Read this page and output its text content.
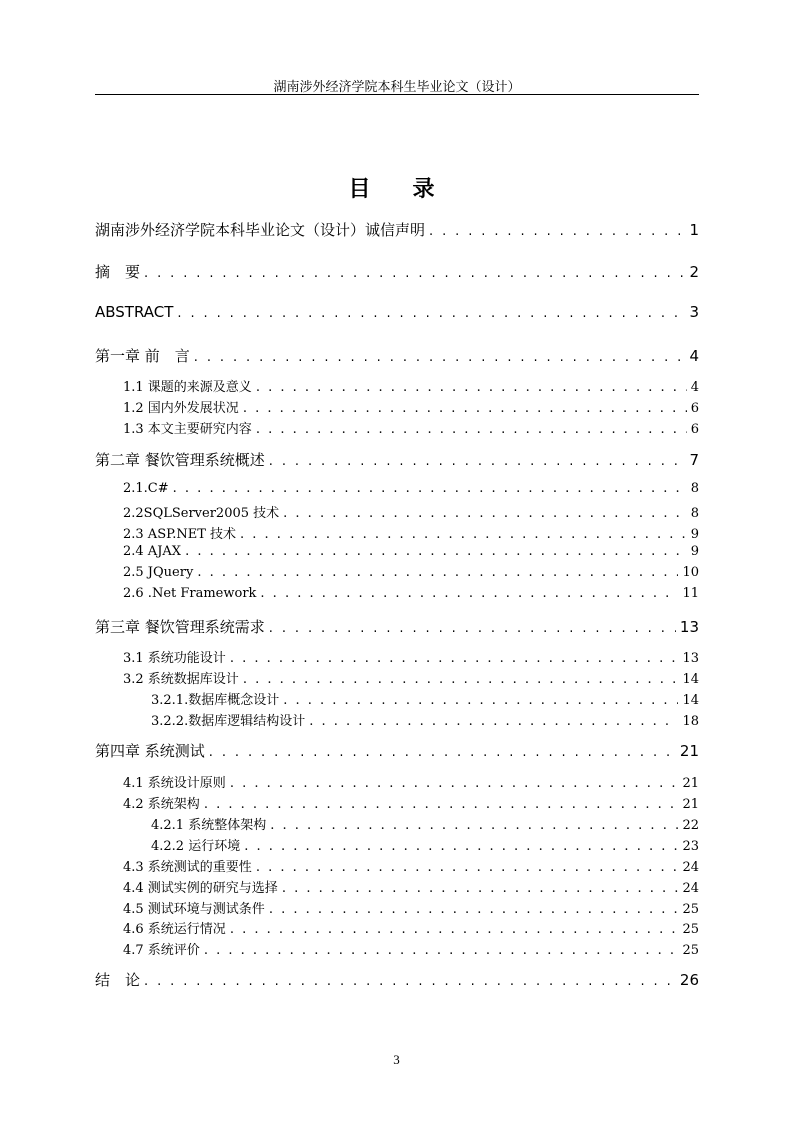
湖南涉外经济学院本科生毕业论文（设计）
目　录
湖南涉外经济学院本科毕业论文（设计）诚信声明 . . .	1
摘　要 . . .	2
ABSTRACT . . .	3
第一章 前　言 . . .	4
1.1 课题的来源及意义 . . .	4
1.2 国内外发展状况 . . .	6
1.3 本文主要研究内容 . . .	6
第二章 餐饮管理系统概述 . . .	7
2.1.C# . . .	8
2.2SQLServer2005 技术 . . .	8
2.3 ASP.NET 技术 . . .	9
2.4 AJAX . . .	9
2.5 JQuery . . .	10
2.6 .Net Framework . . .	11
第三章 餐饮管理系统需求 . . .	13
3.1 系统功能设计 . . .	13
3.2 系统数据库设计 . . .	14
3.2.1.数据库概念设计 . . .	14
3.2.2.数据库逻辑结构设计 . . .	18
第四章 系统测试 . . .	21
4.1 系统设计原则 . . .	21
4.2 系统架构 . . .	21
4.2.1 系统整体架构 . . .	22
4.2.2 运行环境 . . .	23
4.3 系统测试的重要性 . . .	24
4.4 测试实例的研究与选择 . . .	24
4.5 测试环境与测试条件 . . .	25
4.6 系统运行情况 . . .	25
4.7 系统评价 . . .	25
结　论 . . .	26
3
